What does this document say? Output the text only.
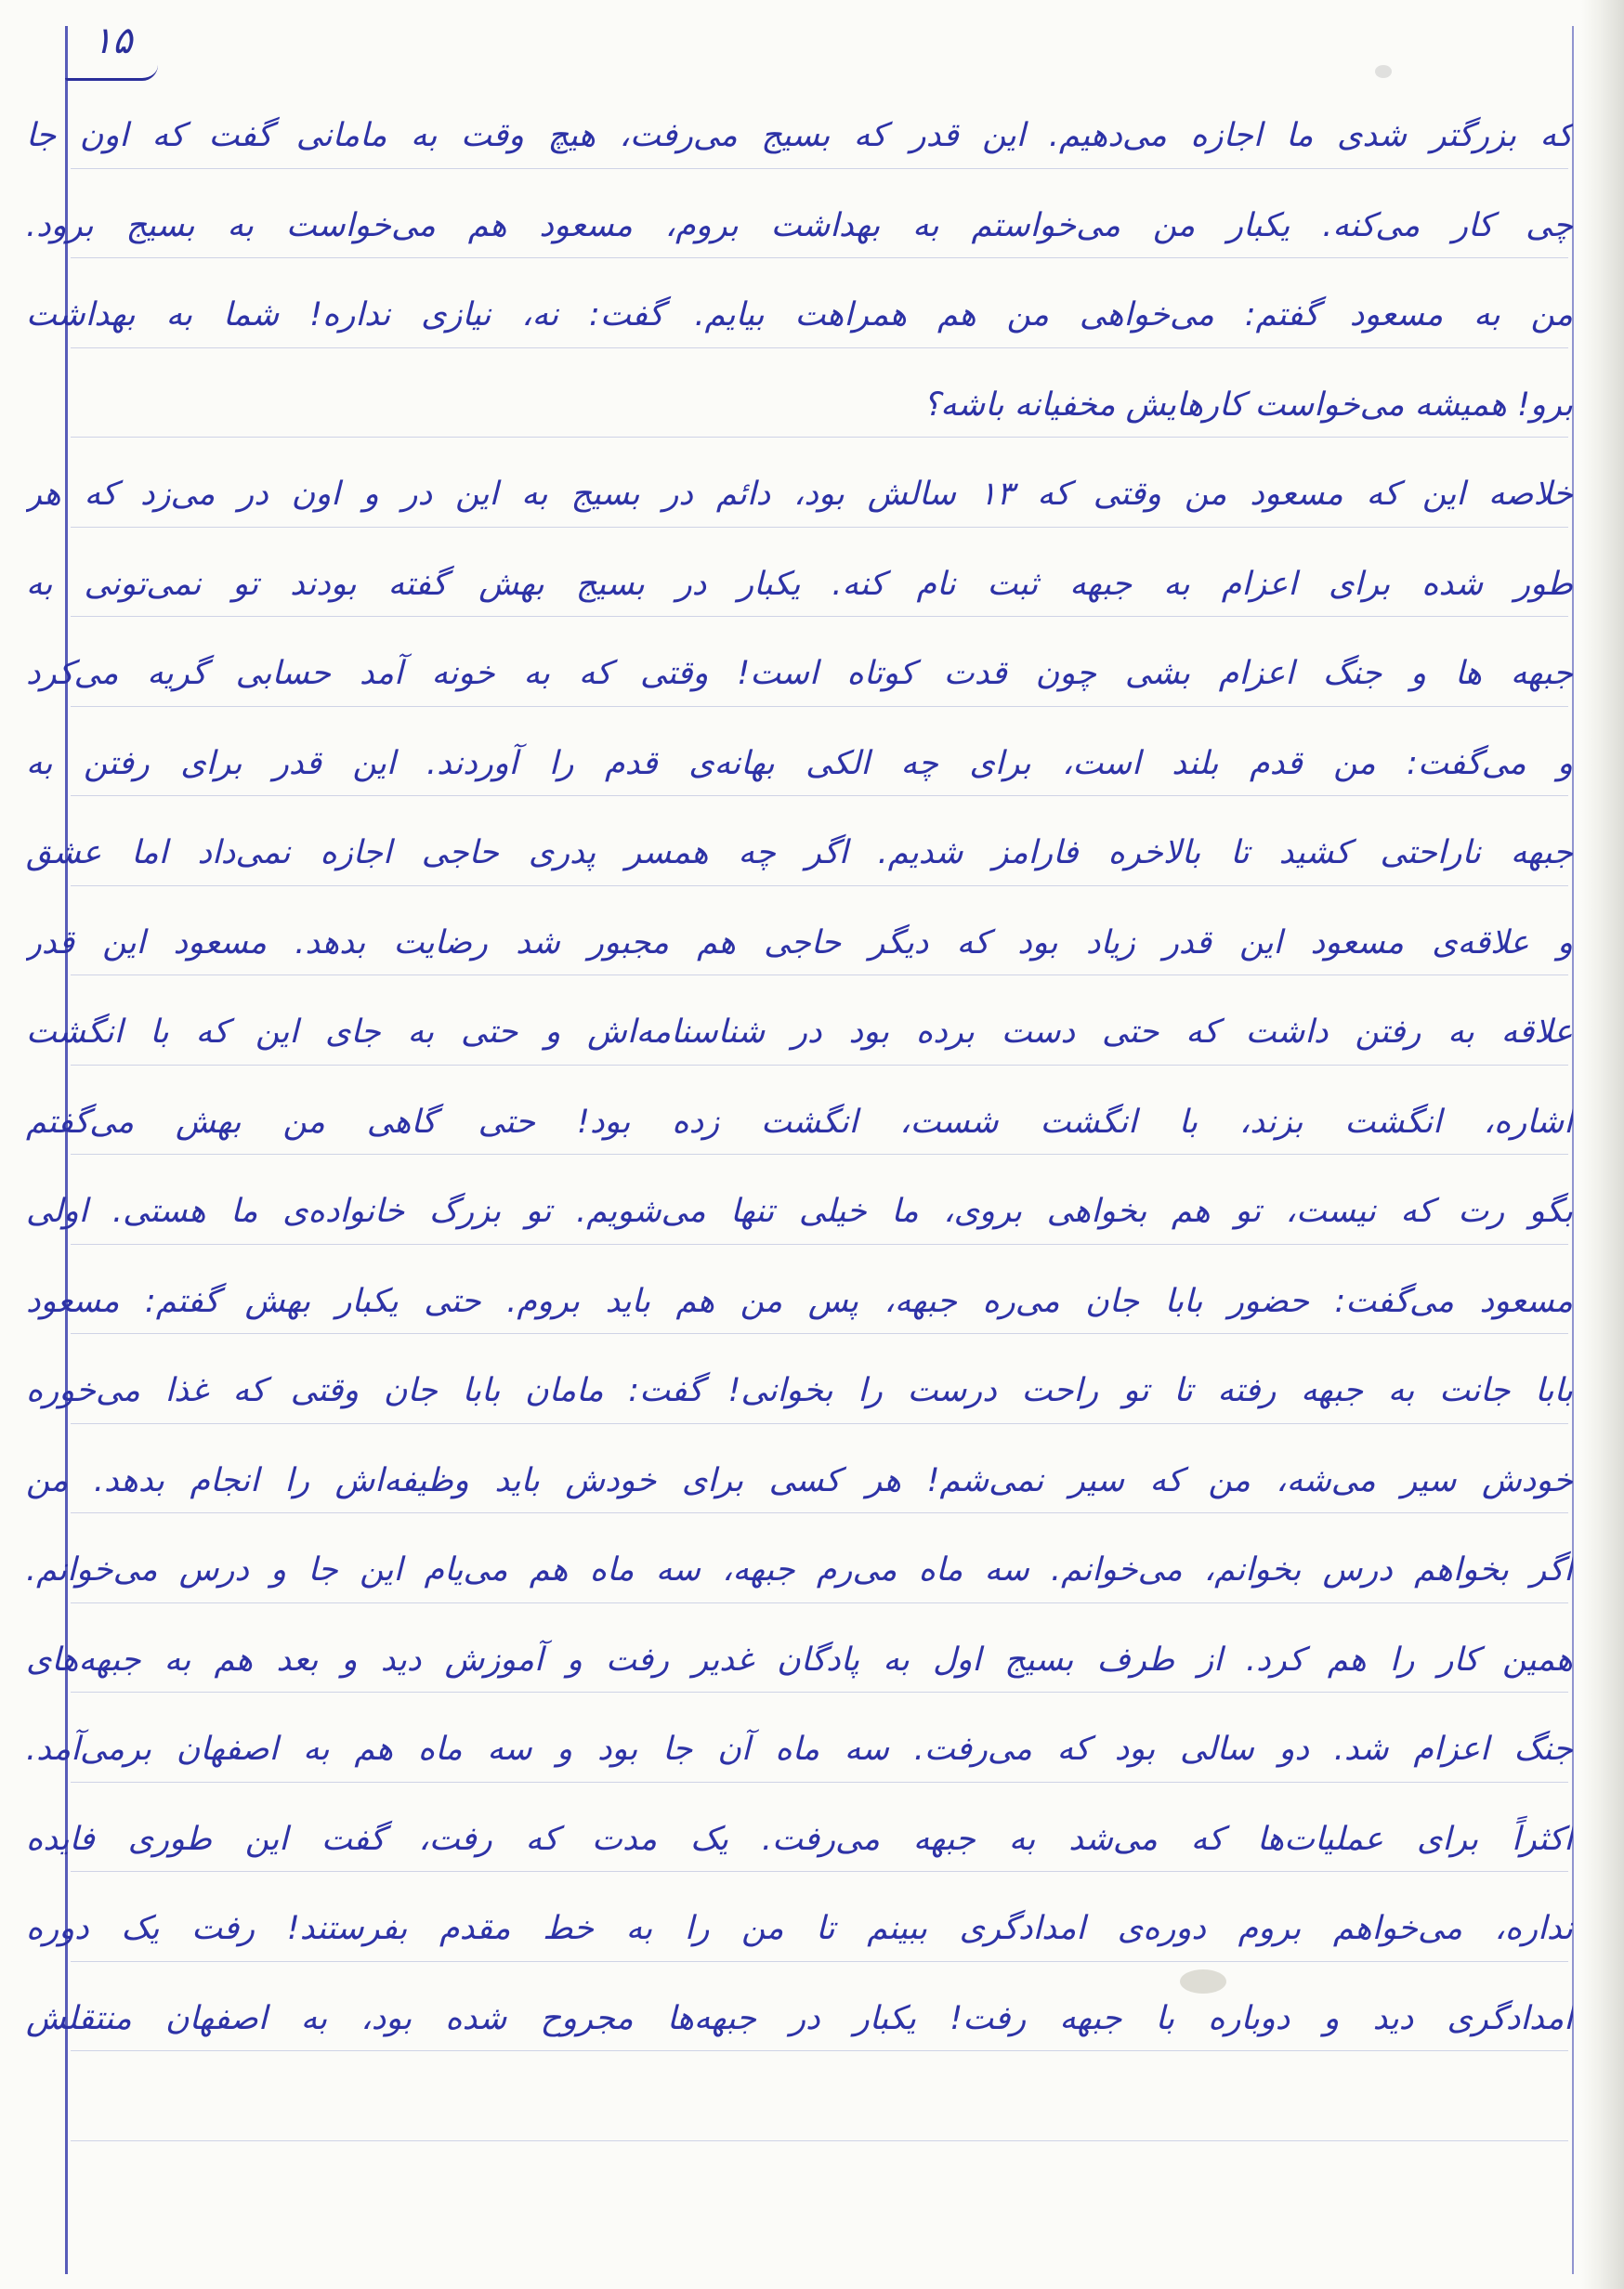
۱۵
که بزرگتر شدی ما اجازه می‌دهیم. این قدر که بسیج می‌رفت، هیچ وقت به مامانی گفت که اون جا
چی کار می‌کنه. یکبار من می‌خواستم به بهداشت بروم، مسعود هم می‌خواست به بسیج برود.
من به مسعود گفتم: می‌خواهی من هم همراهت بیایم. گفت: نه، نیازی نداره! شما به بهداشت
برو! همیشه می‌خواست کارهایش مخفیانه باشه؟
خلاصه این که مسعود من وقتی که ۱۳ سالش بود، دائم در بسیج به این در و اون در می‌زد که هر
طور شده برای اعزام به جبهه ثبت نام کنه. یکبار در بسیج بهش گفته بودند تو نمی‌تونی به
جبهه ها و جنگ اعزام بشی چون قدت کوتاه است! وقتی که به خونه آمد حسابی گریه می‌کرد
و می‌گفت: من قدم بلند است، برای چه الکی بهانه‌ی قدم را آوردند. این قدر برای رفتن به
جبهه ناراحتی کشید تا بالاخره فارامز شدیم. اگر چه همسر پدری حاجی اجازه نمی‌داد اما عشق
و علاقه‌ی مسعود این قدر زیاد بود که دیگر حاجی هم مجبور شد رضایت بدهد. مسعود این قدر
علاقه به رفتن داشت که حتی دست برده بود در شناسنامه‌اش و حتی به جای این که با انگشت
اشاره، انگشت بزند، با انگشت شست، انگشت زده بود! حتی گاهی من بهش می‌گفتم
بگو رت که نیست، تو هم بخواهی بروی، ما خیلی تنها می‌شویم. تو بزرگ خانواده‌ی ما هستی. اولی
مسعود می‌گفت: حضور بابا جان می‌ره جبهه، پس من هم باید بروم. حتی یکبار بهش گفتم: مسعود
بابا جانت به جبهه رفته تا تو راحت درست را بخوانی! گفت: مامان بابا جان وقتی که غذا می‌خوره
خودش سیر می‌شه، من که سیر نمی‌شم! هر کسی برای خودش باید وظیفه‌اش را انجام بدهد. من
اگر بخواهم درس بخوانم، می‌خوانم. سه ماه می‌رم جبهه، سه ماه هم می‌یام این جا و درس می‌خوانم.
همین کار را هم کرد. از طرف بسیج اول به پادگان غدیر رفت و آموزش دید و بعد هم به جبهه‌های
جنگ اعزام شد. دو سالی بود که می‌رفت. سه ماه آن جا بود و سه ماه هم به اصفهان برمی‌آمد.
اکثراً برای عملیات‌ها که می‌شد به جبهه می‌رفت. یک مدت که رفت، گفت این طوری فایده
نداره، می‌خواهم بروم دوره‌ی امدادگری ببینم تا من را به خط مقدم بفرستند! رفت یک دوره
امدادگری دید و دوباره با جبهه رفت! یکبار در جبهه‌ها مجروح شده بود، به اصفهان منتقلش
